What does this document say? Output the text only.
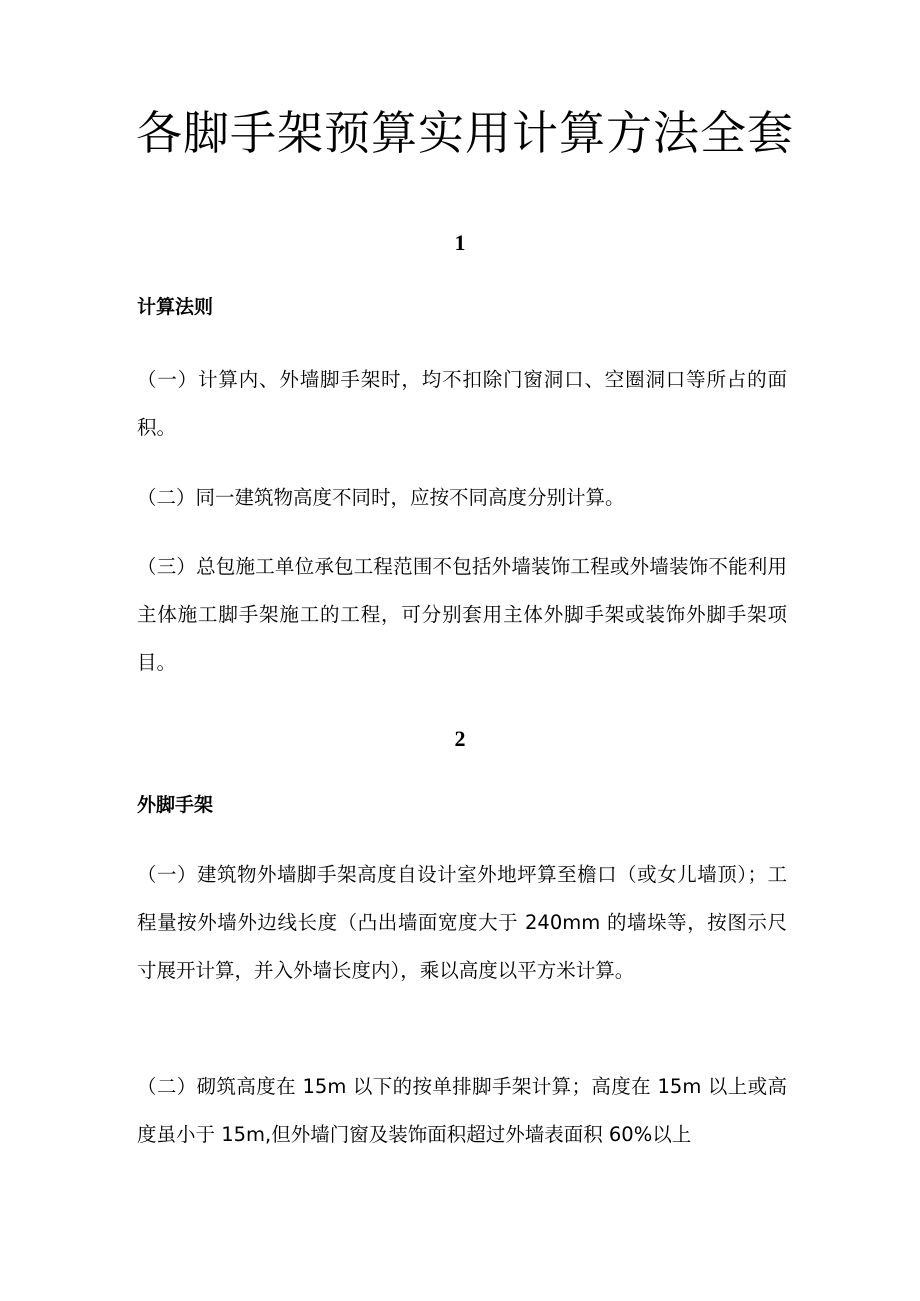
各脚手架预算实用计算方法全套
1
计算法则

（一）计算内、外墙脚手架时，均不扣除门窗洞口、空圈洞口等所占的面积。

（二）同一建筑物高度不同时，应按不同高度分别计算。

（三）总包施工单位承包工程范围不包括外墙装饰工程或外墙装饰不能利用主体施工脚手架施工的工程，可分别套用主体外脚手架或装饰外脚手架项目。

2
外脚手架

（一）建筑物外墙脚手架高度自设计室外地坪算至檐口（或女儿墙顶）；工程量按外墙外边线长度（凸出墙面宽度大于 240mm 的墙垛等，按图示尺寸展开计算，并入外墙长度内），乘以高度以平方米计算。

（二）砌筑高度在 15m 以下的按单排脚手架计算；高度在 15m 以上或高度虽小于 15m,但外墙门窗及装饰面积超过外墙表面积 60%以上
